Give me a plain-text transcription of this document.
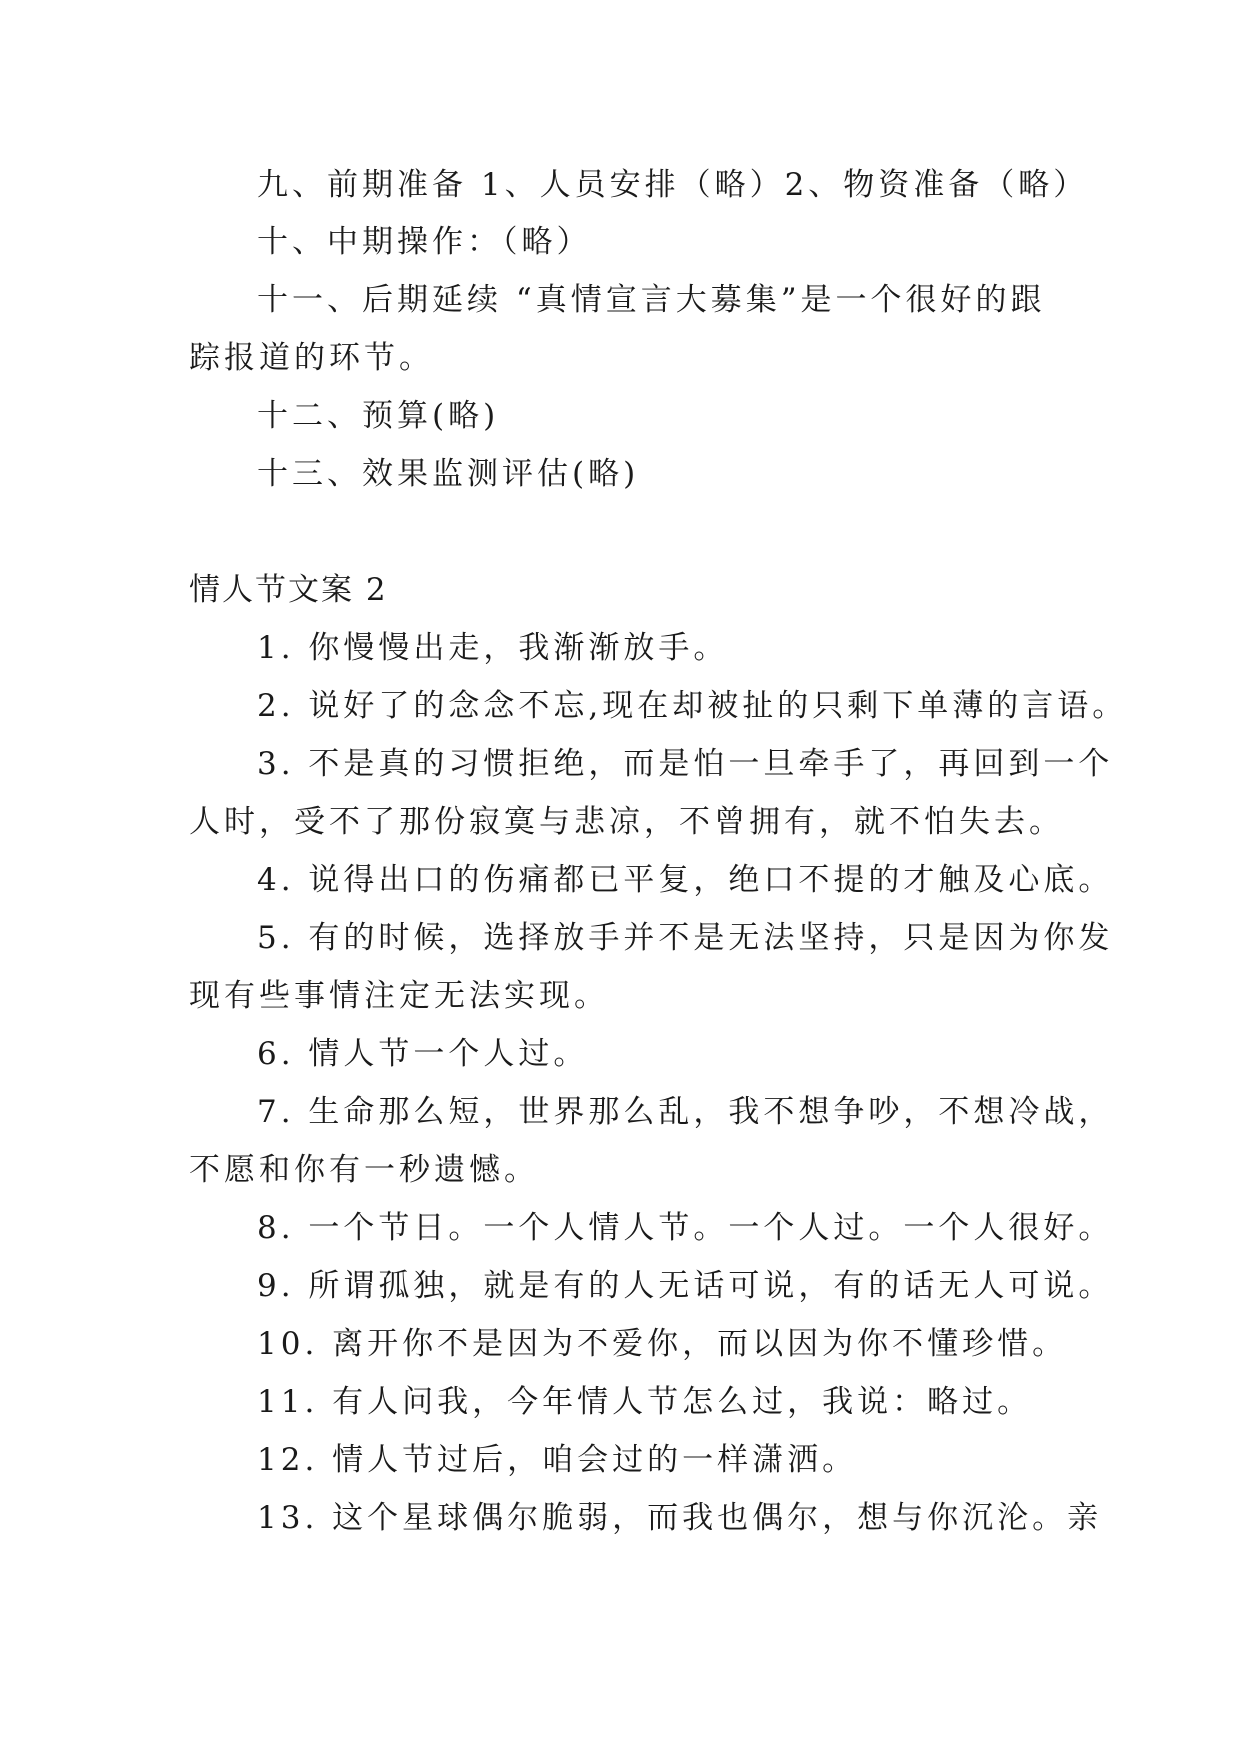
九、前期准备 1、人员安排（略）2、物资准备（略）
十、中期操作：（略）
十一、后期延续 “真情宣言大募集”是一个很好的跟
踪报道的环节。
十二、预算(略)
十三、效果监测评估(略)
情人节文案 2
1. 你慢慢出走，我渐渐放手。
2. 说好了的念念不忘,现在却被扯的只剩下单薄的言语。
3. 不是真的习惯拒绝，而是怕一旦牵手了，再回到一个
人时，受不了那份寂寞与悲凉，不曾拥有，就不怕失去。
4. 说得出口的伤痛都已平复，绝口不提的才触及心底。
5. 有的时候，选择放手并不是无法坚持，只是因为你发
现有些事情注定无法实现。
6. 情人节一个人过。
7. 生命那么短，世界那么乱，我不想争吵，不想冷战，
不愿和你有一秒遗憾。
8. 一个节日。一个人情人节。一个人过。一个人很好。
9. 所谓孤独，就是有的人无话可说，有的话无人可说。
10. 离开你不是因为不爱你，而以因为你不懂珍惜。
11. 有人问我，今年情人节怎么过，我说：略过。
12. 情人节过后，咱会过的一样潇洒。
13. 这个星球偶尔脆弱，而我也偶尔，想与你沉沦。亲
